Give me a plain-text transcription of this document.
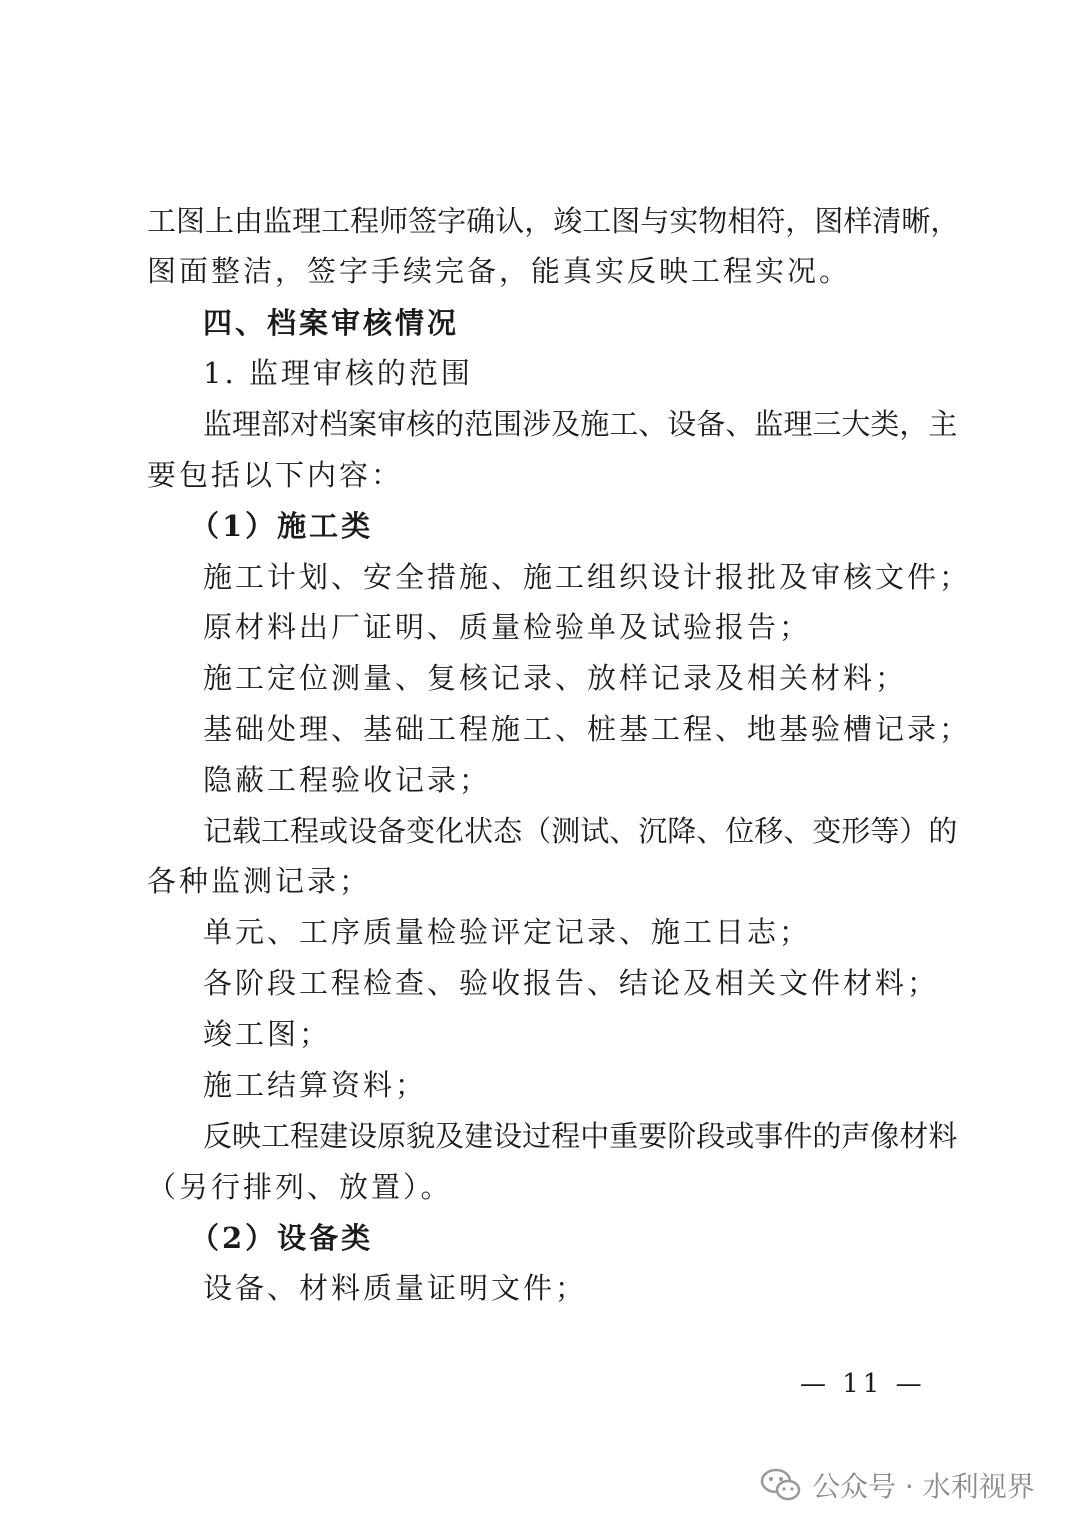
工 图 上 由 监 理 工 程 师 签 字 确 认 ， 竣 工 图 与 实 物 相 符 ， 图 样 清 晰 ，
图面整洁，签字手续完备，能真实反映工程实况。
四、档案审核情况
1. 监理审核的范围
监 理 部 对 档 案 审 核 的 范 围 涉 及 施 工 、 设 备 、 监 理 三 大 类 ， 主
要包括以下内容：
（1）施工类
施工计划、安全措施、施工组织设计报批及审核文件；
原材料出厂证明、质量检验单及试验报告；
施工定位测量、复核记录、放样记录及相关材料；
基础处理、基础工程施工、桩基工程、地基验槽记录；
隐蔽工程验收记录；
记 载 工 程 或 设 备 变 化 状 态 （ 测 试 、 沉 降 、 位 移 、 变 形 等 ） 的
各种监测记录；
单元、工序质量检验评定记录、施工日志；
各阶段工程检查、验收报告、结论及相关文件材料；
竣工图；
施工结算资料；
反 映 工 程 建 设 原 貌 及 建 设 过 程 中 重 要 阶 段 或 事 件 的 声 像 材 料
（另行排列、放置）。
（2）设备类
设备、材料质量证明文件；
— 11 —
公众号 · 水利视界
